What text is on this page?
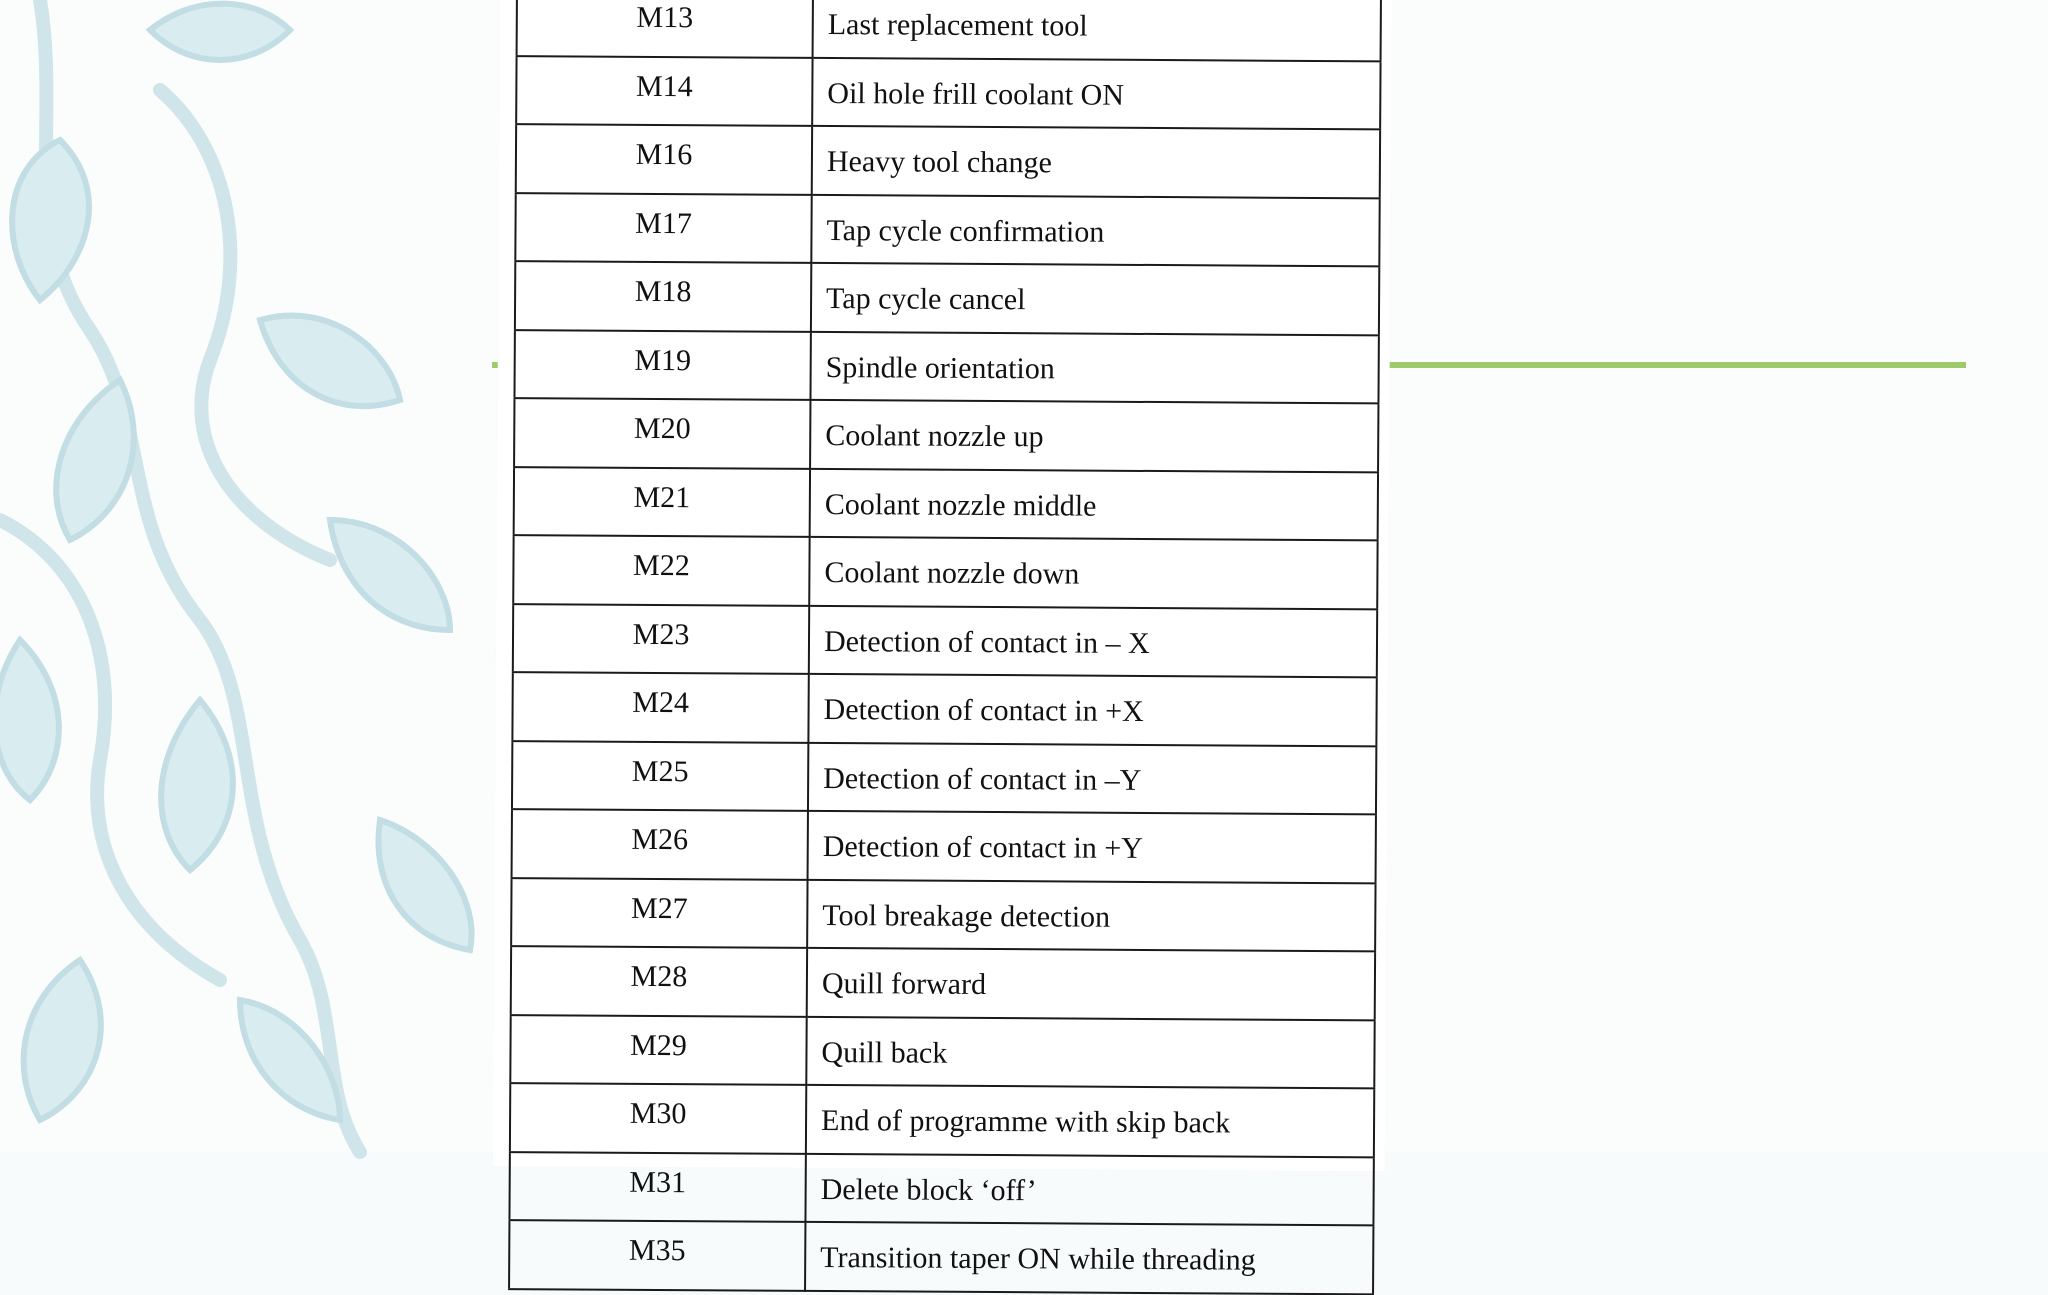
M13	Last replacement tool
M14	Oil hole frill coolant ON
M16	Heavy tool change
M17	Tap cycle confirmation
M18	Tap cycle cancel
M19	Spindle orientation
M20	Coolant nozzle up
M21	Coolant nozzle middle
M22	Coolant nozzle down
M23	Detection of contact in – X
M24	Detection of contact in +X
M25	Detection of contact in –Y
M26	Detection of contact in +Y
M27	Tool breakage detection
M28	Quill forward
M29	Quill back
M30	End of programme with skip back
M31	Delete block ‘off’
M35	Transition taper ON while threading
